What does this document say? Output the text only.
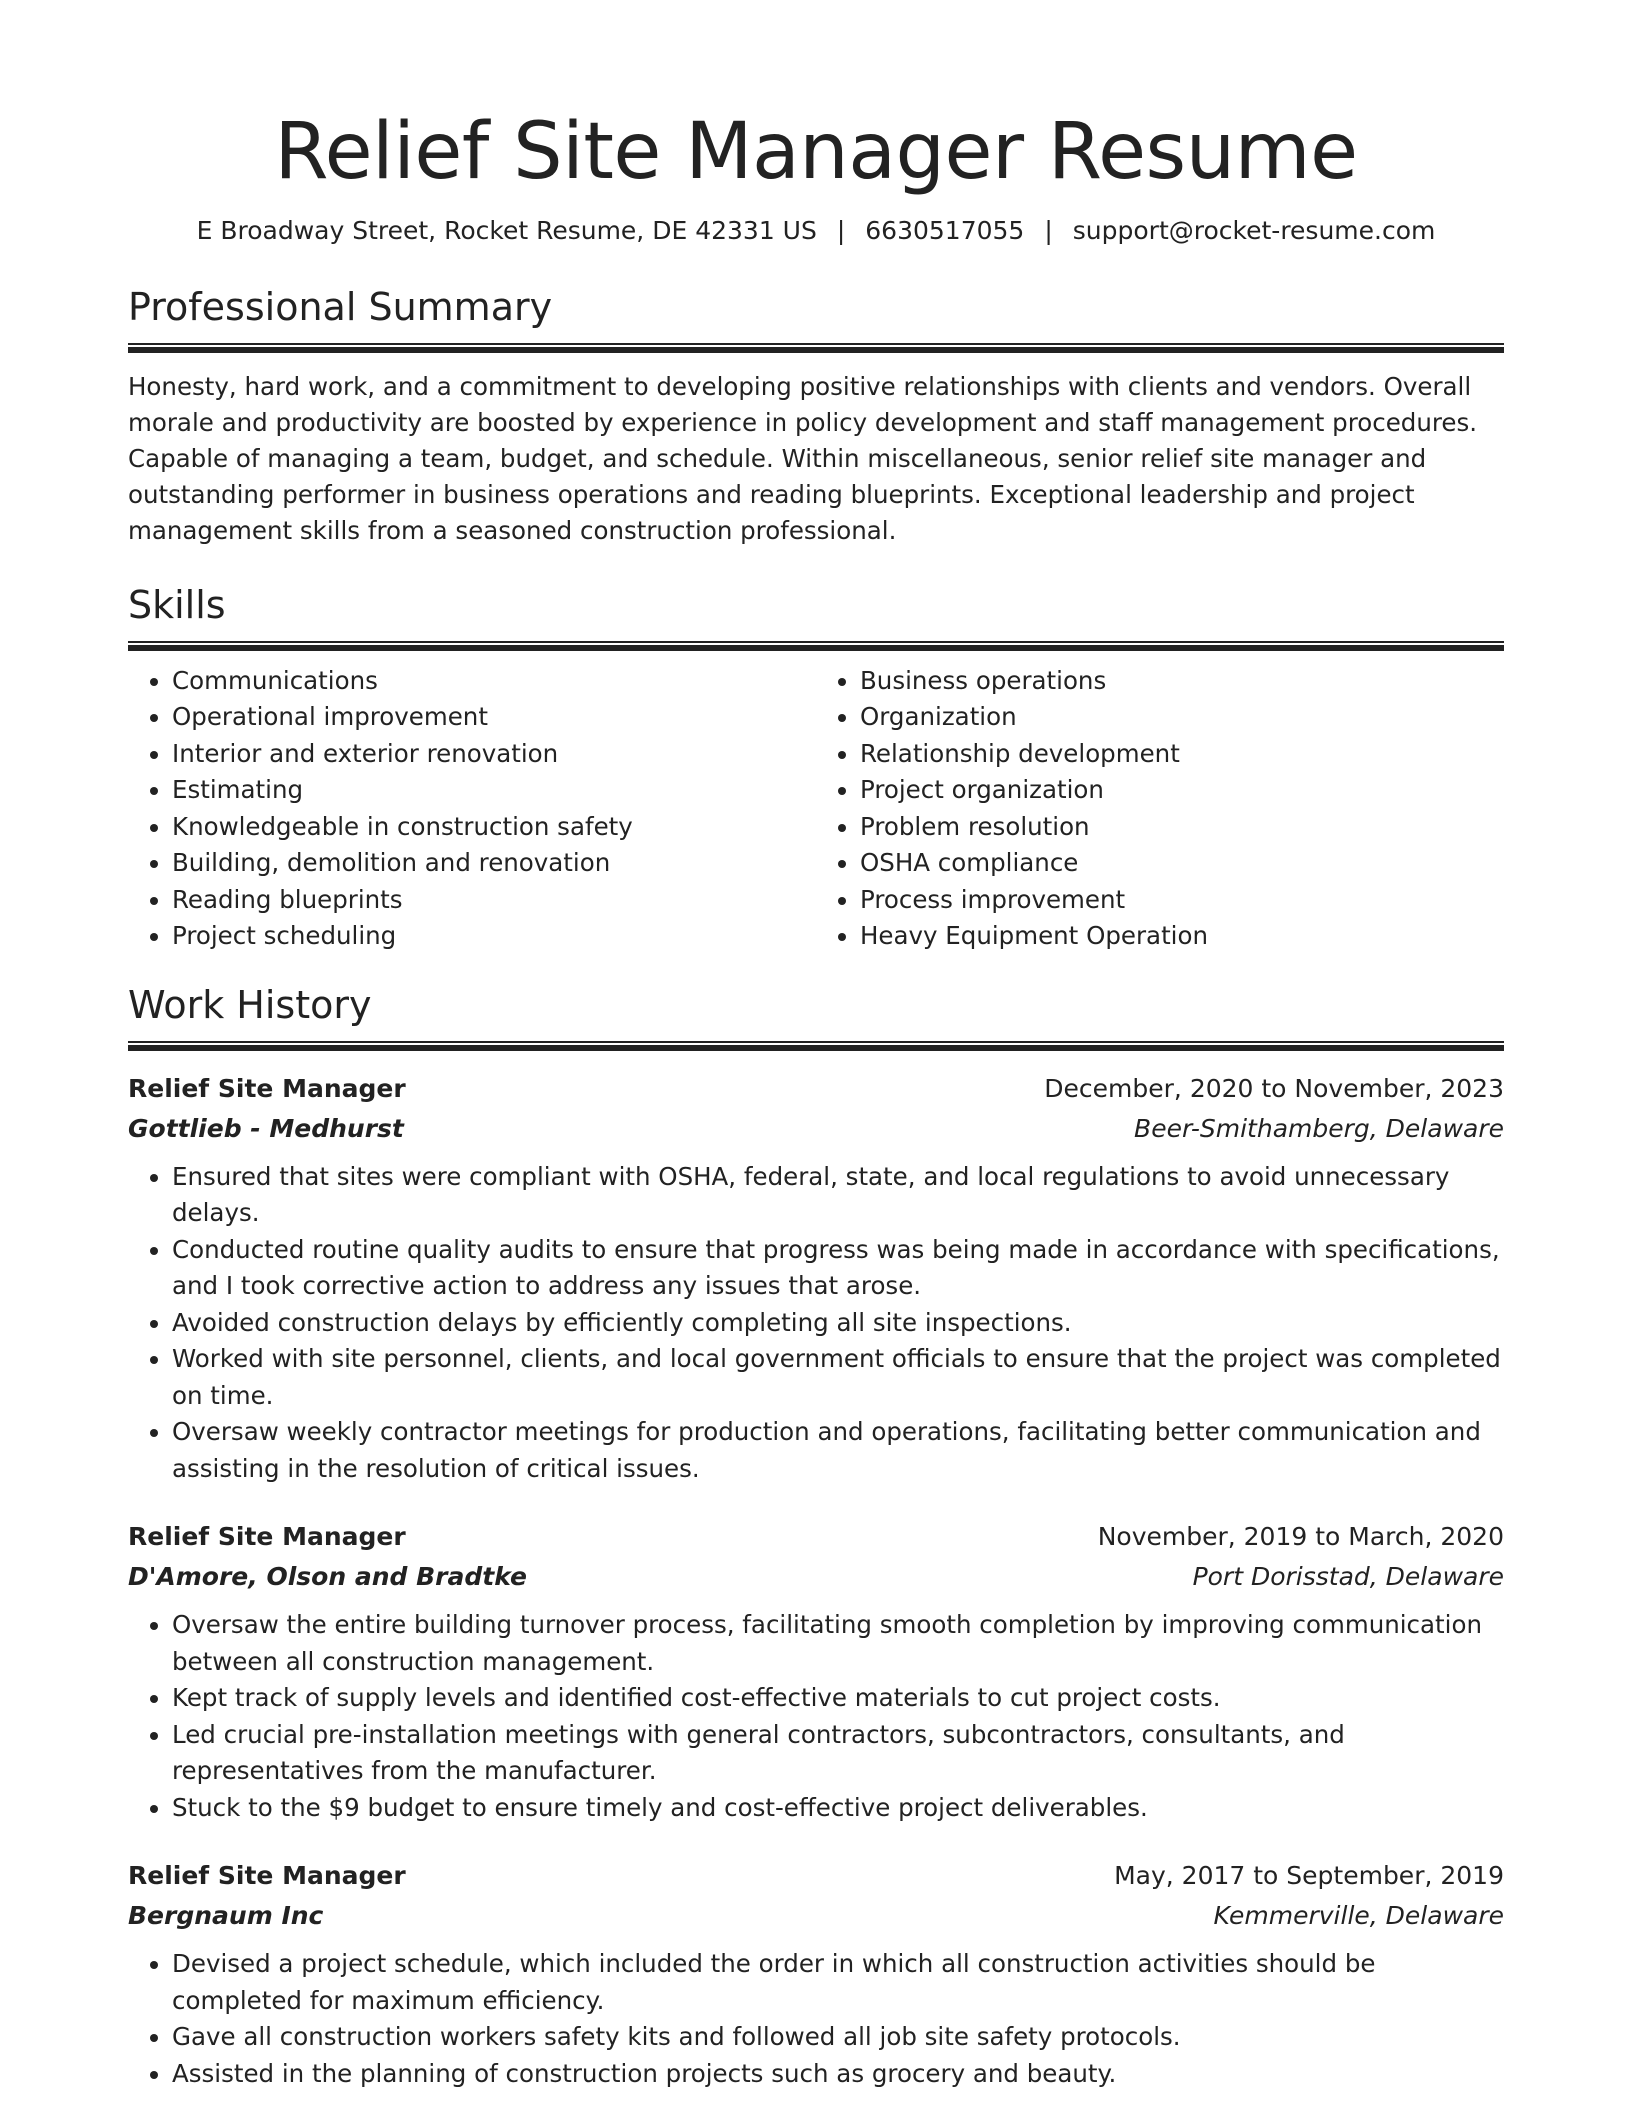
Relief Site Manager Resume
E Broadway Street, Rocket Resume, DE 42331 US | 6630517055 | support@rocket-resume.com
Professional Summary

Honesty, hard work, and a commitment to developing positive relationships with clients and vendors. Overall morale and productivity are boosted by experience in policy development and staff management procedures. Capable of managing a team, budget, and schedule. Within miscellaneous, senior relief site manager and outstanding performer in business operations and reading blueprints. Exceptional leadership and project management skills from a seasoned construction professional.

Skills
• Communications
• Operational improvement
• Interior and exterior renovation
• Estimating
• Knowledgeable in construction safety
• Building, demolition and renovation
• Reading blueprints
• Project scheduling
• Business operations
• Organization
• Relationship development
• Project organization
• Problem resolution
• OSHA compliance
• Process improvement
• Heavy Equipment Operation
Work History
Relief Site Manager	December, 2020 to November, 2023
Gottlieb - Medhurst	Beer-Smithamberg, Delaware
• Ensured that sites were compliant with OSHA, federal, state, and local regulations to avoid unnecessary delays.
• Conducted routine quality audits to ensure that progress was being made in accordance with specifications, and I took corrective action to address any issues that arose.
• Avoided construction delays by efficiently completing all site inspections.
• Worked with site personnel, clients, and local government officials to ensure that the project was completed on time.
• Oversaw weekly contractor meetings for production and operations, facilitating better communication and assisting in the resolution of critical issues.
Relief Site Manager	November, 2019 to March, 2020
D'Amore, Olson and Bradtke	Port Dorisstad, Delaware
• Oversaw the entire building turnover process, facilitating smooth completion by improving communication between all construction management.
• Kept track of supply levels and identified cost-effective materials to cut project costs.
• Led crucial pre-installation meetings with general contractors, subcontractors, consultants, and representatives from the manufacturer.
• Stuck to the $9 budget to ensure timely and cost-effective project deliverables.
Relief Site Manager	May, 2017 to September, 2019
Bergnaum Inc	Kemmerville, Delaware
• Devised a project schedule, which included the order in which all construction activities should be completed for maximum efficiency.
• Gave all construction workers safety kits and followed all job site safety protocols.
• Assisted in the planning of construction projects such as grocery and beauty.
